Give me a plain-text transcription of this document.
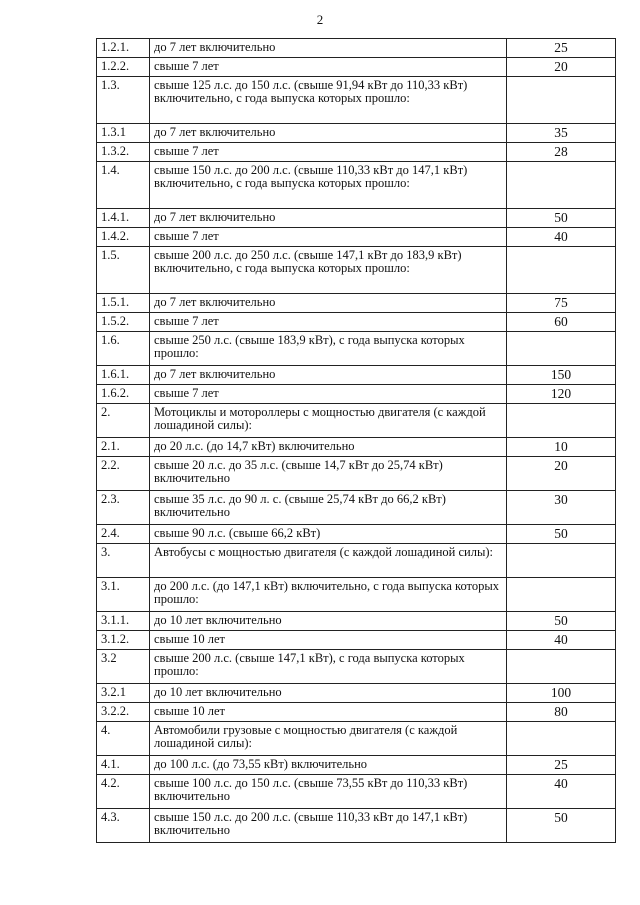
2
1.2.1.	до 7 лет включительно	25
1.2.2.	свыше 7 лет	20
1.3.	свыше 125 л.с. до 150 л.с. (свыше 91,94 кВт до 110,33 кВт) включительно, с года выпуска которых прошло:	
1.3.1	до 7 лет включительно	35
1.3.2.	свыше 7 лет	28
1.4.	свыше 150 л.с. до 200 л.с. (свыше 110,33 кВт до 147,1 кВт) включительно, с года выпуска которых прошло:	
1.4.1.	до 7 лет включительно	50
1.4.2.	свыше 7 лет	40
1.5.	свыше 200 л.с. до 250 л.с. (свыше 147,1 кВт до 183,9 кВт) включительно, с года выпуска которых прошло:	
1.5.1.	до 7 лет включительно	75
1.5.2.	свыше 7 лет	60
1.6.	свыше 250 л.с. (свыше 183,9 кВт), с года выпуска которых прошло:	
1.6.1.	до 7 лет включительно	150
1.6.2.	свыше 7 лет	120
2.	Мотоциклы и мотороллеры с мощностью двигателя (с каждой лошадиной силы):	
2.1.	до 20 л.с. (до 14,7 кВт) включительно	10
2.2.	свыше 20 л.с. до 35 л.с. (свыше 14,7 кВт до 25,74 кВт) включительно	20
2.3.	свыше 35 л.с. до 90 л. с. (свыше 25,74 кВт до 66,2 кВт) включительно	30
2.4.	свыше 90 л.с. (свыше 66,2 кВт)	50
3.	Автобусы с мощностью двигателя (с каждой лошадиной силы):	
3.1.	до 200 л.с. (до 147,1 кВт) включительно, с года выпуска которых прошло:	
3.1.1.	до 10 лет включительно	50
3.1.2.	свыше 10 лет	40
3.2	свыше 200 л.с. (свыше 147,1 кВт), с года выпуска которых прошло:	
3.2.1	до 10 лет включительно	100
3.2.2.	свыше 10 лет	80
4.	Автомобили грузовые с мощностью двигателя (с каждой лошадиной силы):	
4.1.	до 100 л.с. (до 73,55 кВт) включительно	25
4.2.	свыше 100 л.с. до 150 л.с. (свыше 73,55 кВт до 110,33 кВт) включительно	40
4.3.	свыше 150 л.с. до 200 л.с. (свыше 110,33 кВт до 147,1 кВт) включительно	50
